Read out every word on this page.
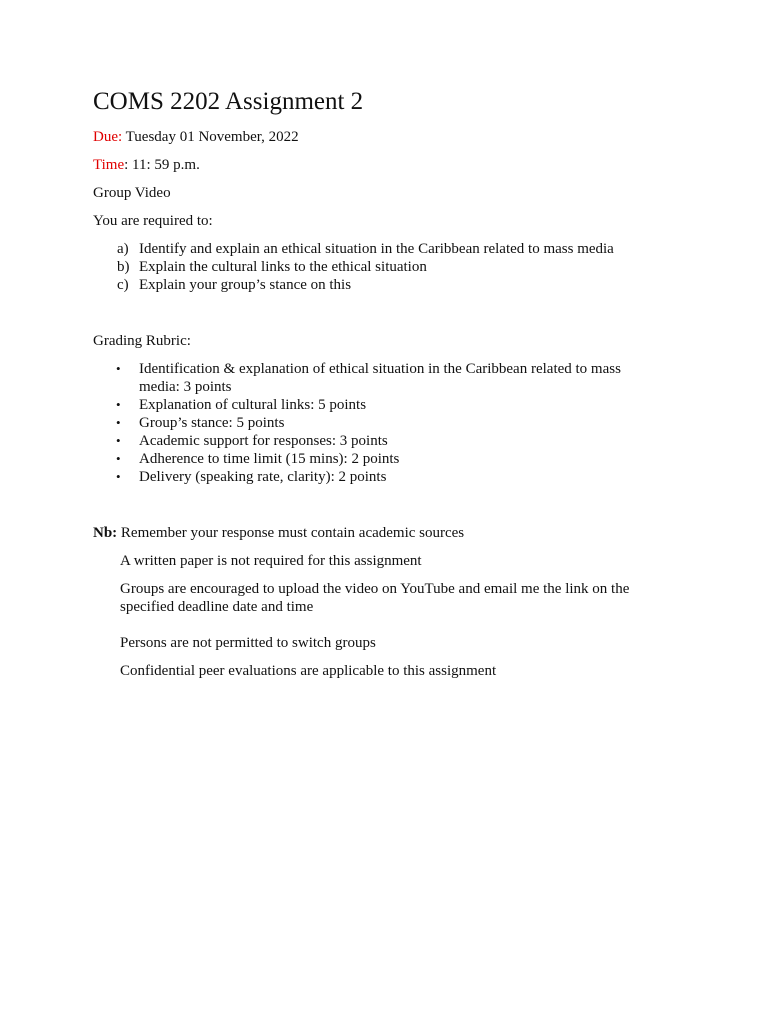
COMS 2202 Assignment 2
Due: Tuesday 01 November, 2022
Time: 11: 59 p.m.
Group Video
You are required to:
a) Identify and explain an ethical situation in the Caribbean related to mass media
b) Explain the cultural links to the ethical situation
c) Explain your group’s stance on this
Grading Rubric:
•	Identification & explanation of ethical situation in the Caribbean related to mass media: 3 points
•	Explanation of cultural links: 5 points
•	Group’s stance: 5 points
•	Academic support for responses: 3 points
•	Adherence to time limit (15 mins): 2 points
•	Delivery (speaking rate, clarity): 2 points
Nb: Remember your response must contain academic sources
A written paper is not required for this assignment
Groups are encouraged to upload the video on YouTube and email me the link on the specified deadline date and time
Persons are not permitted to switch groups
Confidential peer evaluations are applicable to this assignment
